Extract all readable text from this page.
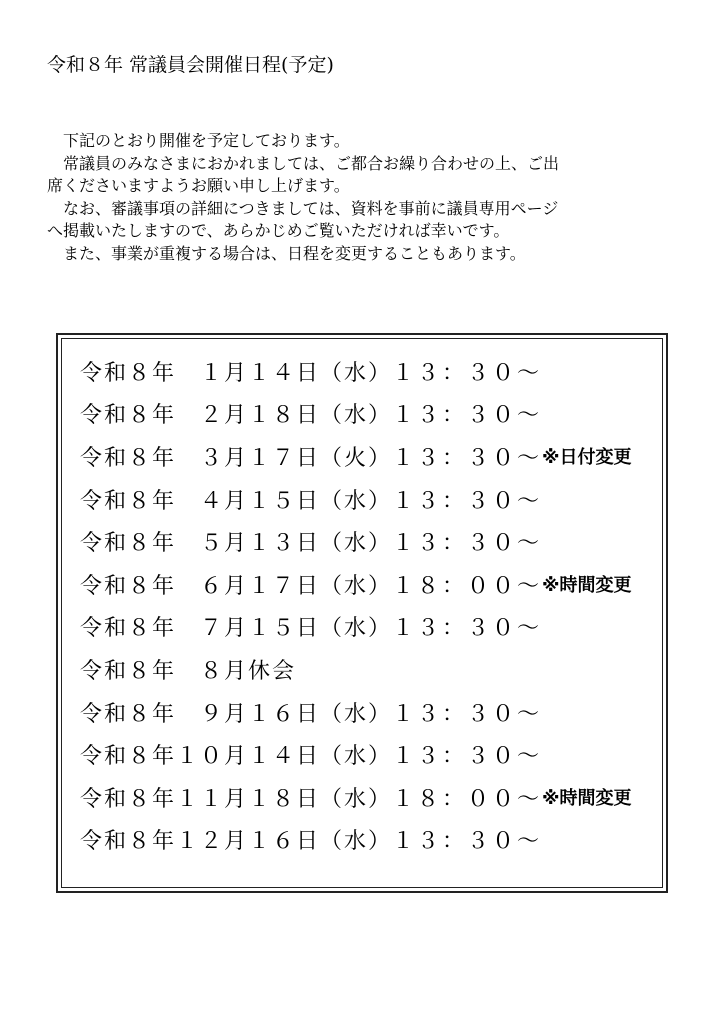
令和８年 常議員会開催日程(予定)
　下記のとおり開催を予定しております。
　常議員のみなさまにおかれましては、ご都合お繰り合わせの上、ご出
席くださいますようお願い申し上げます。
　なお、審議事項の詳細につきましては、資料を事前に議員専用ページ
へ掲載いたしますので、あらかじめご覧いただければ幸いです。
　また、事業が重複する場合は、日程を変更することもあります。
令和８年　１月１４日（水） １３：３０～
令和８年　２月１８日（水） １３：３０～
令和８年　３月１７日（火） １３：３０～ ※日付変更
令和８年　４月１５日（水） １３：３０～
令和８年　５月１３日（水） １３：３０～
令和８年　６月１７日（水） １８：００～ ※時間変更
令和８年　７月１５日（水） １３：３０～
令和８年　８月休会
令和８年　９月１６日（水） １３：３０～
令和８年１０月１４日（水） １３：３０～
令和８年１１月１８日（水） １８：００～ ※時間変更
令和８年１２月１６日（水） １３：３０～
